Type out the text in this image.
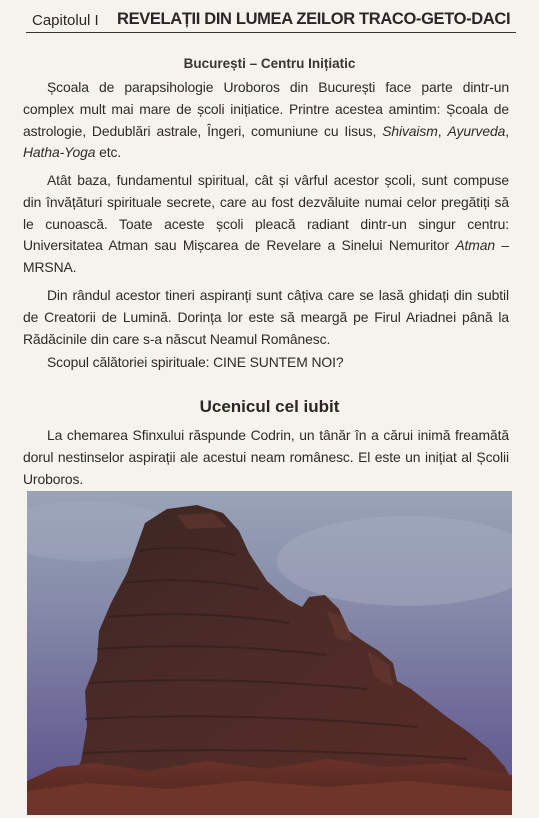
Capitolul I REVELAȚII DIN LUMEA ZEILOR TRACO-GETO-DACI
București – Centru Inițiatic

Școala de parapsihologie Uroboros din București face parte dintr-un complex mult mai mare de școli inițiatice. Printre acestea amintim: Școala de astrologie, Dedublări astrale, Îngeri, comuniune cu Iisus, Shivaism, Ayurveda, Hatha-Yoga etc.

Atât baza, fundamentul spiritual, cât și vârful acestor școli, sunt compuse din învățături spirituale secrete, care au fost dezvăluite numai celor pregătiți să le cunoască. Toate aceste școli pleacă radiant dintr-un singur centru: Universitatea Atman sau Mișcarea de Revelare a Sinelui Nemuritor Atman – MRSNA.

Din rândul acestor tineri aspiranți sunt câțiva care se lasă ghidați din subtil de Creatorii de Lumină. Dorința lor este să meargă pe Firul Ariadnei până la Rădăcinile din care s-a născut Neamul Românesc.

Scopul călătoriei spirituale: CINE SUNTEM NOI?

Ucenicul cel iubit

La chemarea Sfinxului răspunde Codrin, un tânăr în a cărui inimă freamătă dorul nestinselor aspirații ale acestui neam românesc. El este un inițiat al Școlii Uroboros.
